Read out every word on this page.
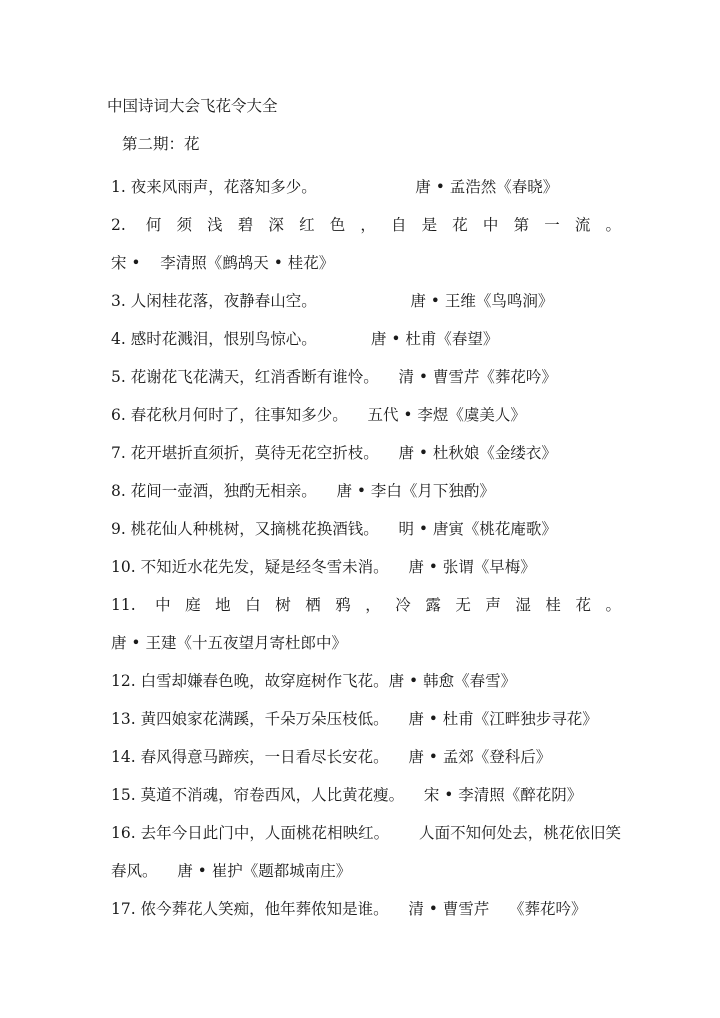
中国诗词大会飞花令大全
第二期：花
1. 夜来风雨声，花落知多少。	唐 • 孟浩然《春晓》
2. 何须浅碧深红色，自是花中第一流。    宋 •    李清照《鹧鸪天 • 桂花》
3. 人闲桂花落，夜静春山空。	唐 • 王维《鸟鸣涧》
4. 感时花溅泪，恨别鸟惊心。	唐 • 杜甫《春望》
5. 花谢花飞花满天，红消香断有谁怜。 清 • 曹雪芹《葬花吟》
6. 春花秋月何时了，往事知多少。 五代 • 李煜《虞美人》
7. 花开堪折直须折，莫待无花空折枝。 唐 • 杜秋娘《金缕衣》
8. 花间一壶酒，独酌无相亲。 唐 • 李白《月下独酌》
9. 桃花仙人种桃树，又摘桃花换酒钱。 明 • 唐寅《桃花庵歌》
10. 不知近水花先发，疑是经冬雪未消。 唐 • 张谓《早梅》
11. 中庭地白树栖鸦，冷露无声湿桂花。唐 • 王建《十五夜望月寄杜郎中》
12. 白雪却嫌春色晚，故穿庭树作飞花。唐 • 韩愈《春雪》
13. 黄四娘家花满蹊，千朵万朵压枝低。 唐 • 杜甫《江畔独步寻花》
14. 春风得意马蹄疾，一日看尽长安花。 唐 • 孟郊《登科后》
15. 莫道不消魂，帘卷西风，人比黄花瘦。 宋 • 李清照《醉花阴》
16. 去年今日此门中，人面桃花相映红。 人面不知何处去，桃花依旧笑春风。    唐 • 崔护《题都城南庄》
17. 侬今葬花人笑痴，他年葬侬知是谁。 清 • 曹雪芹    《葬花吟》
